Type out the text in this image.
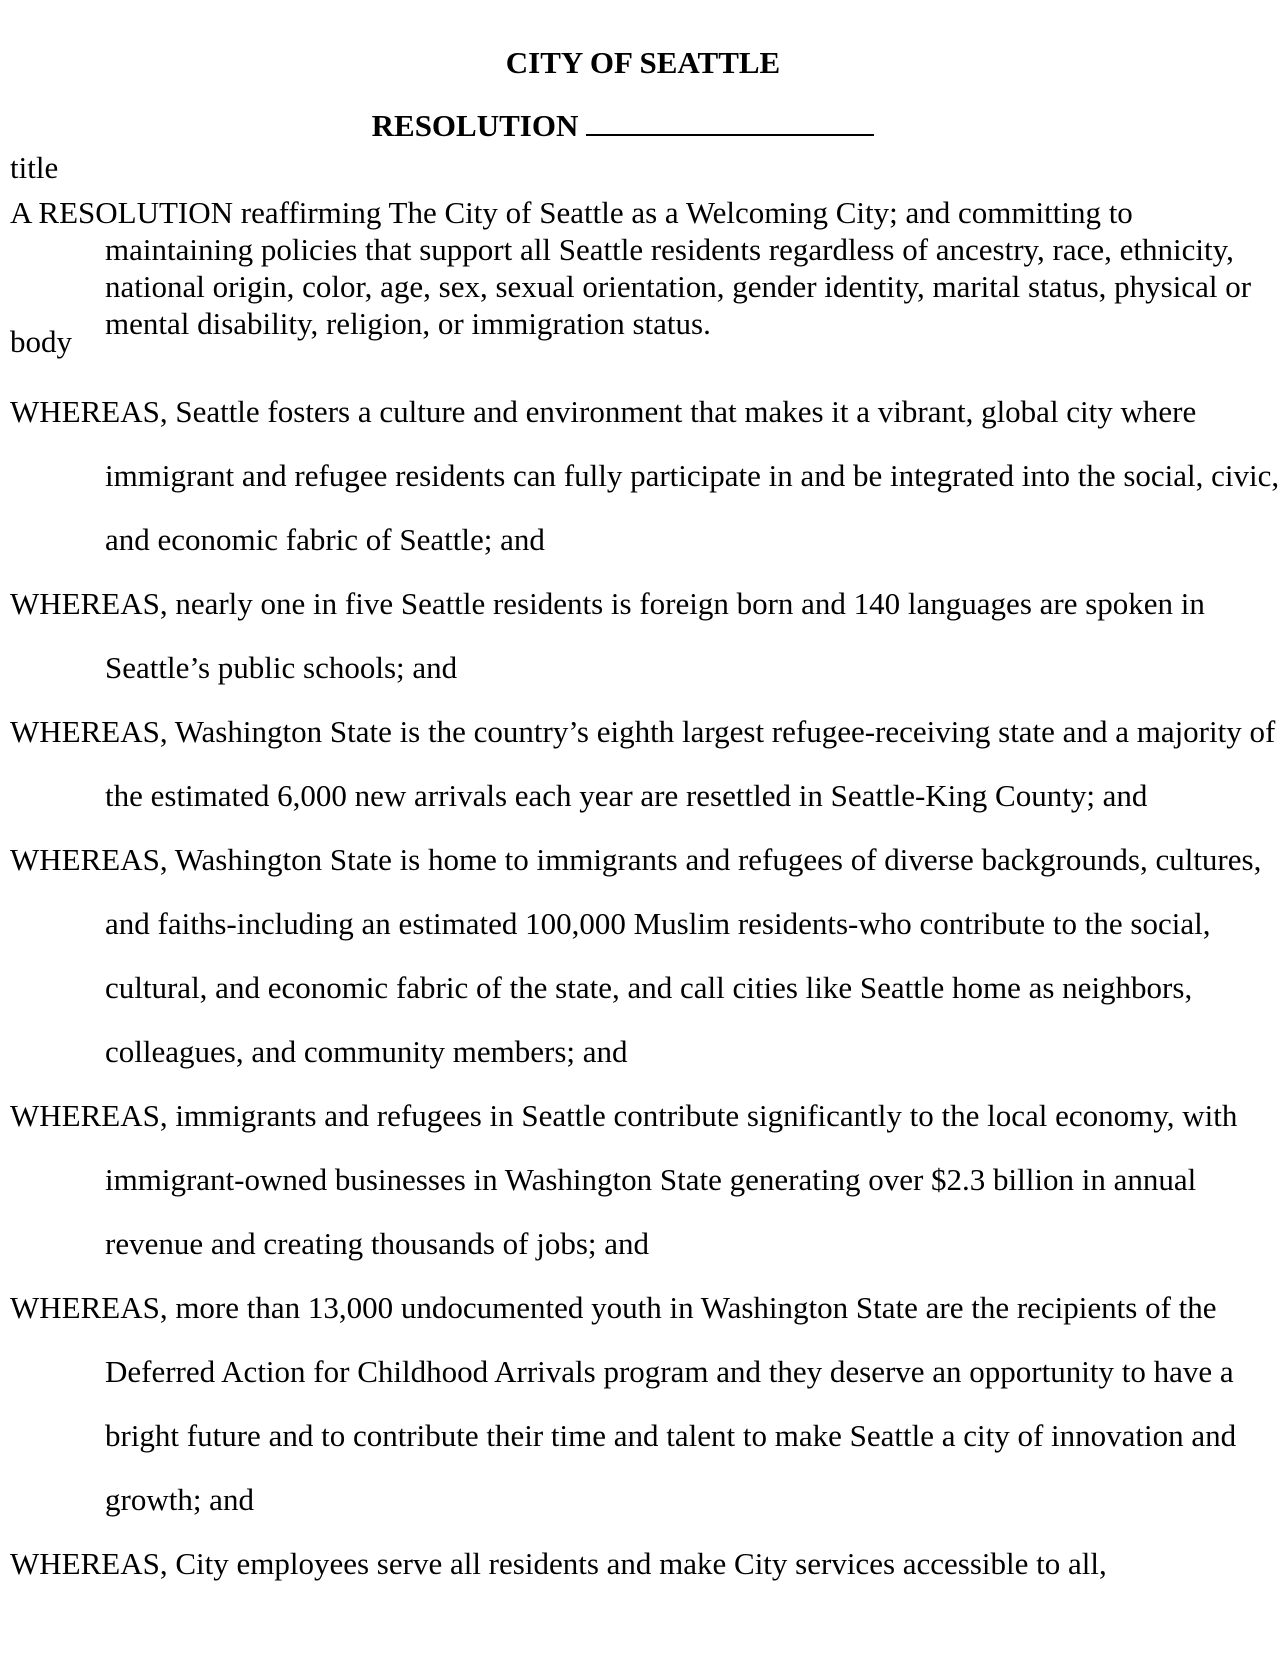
CITY OF SEATTLE
RESOLUTION
title
A RESOLUTION reaffirming The City of Seattle as a Welcoming City; and committing to maintaining policies that support all Seattle residents regardless of ancestry, race, ethnicity, national origin, color, age, sex, sexual orientation, gender identity, marital status, physical or mental disability, religion, or immigration status.
body

WHEREAS, Seattle fosters a culture and environment that makes it a vibrant, global city where immigrant and refugee residents can fully participate in and be integrated into the social, civic, and economic fabric of Seattle; and

WHEREAS, nearly one in five Seattle residents is foreign born and 140 languages are spoken in Seattle’s public schools; and

WHEREAS, Washington State is the country’s eighth largest refugee-receiving state and a majority of the estimated 6,000 new arrivals each year are resettled in Seattle-King County; and

WHEREAS, Washington State is home to immigrants and refugees of diverse backgrounds, cultures, and faiths-including an estimated 100,000 Muslim residents-who contribute to the social, cultural, and economic fabric of the state, and call cities like Seattle home as neighbors, colleagues, and community members; and

WHEREAS, immigrants and refugees in Seattle contribute significantly to the local economy, with immigrant-owned businesses in Washington State generating over $2.3 billion in annual revenue and creating thousands of jobs; and

WHEREAS, more than 13,000 undocumented youth in Washington State are the recipients of the Deferred Action for Childhood Arrivals program and they deserve an opportunity to have a bright future and to contribute their time and talent to make Seattle a city of innovation and growth; and

WHEREAS, City employees serve all residents and make City services accessible to all,
